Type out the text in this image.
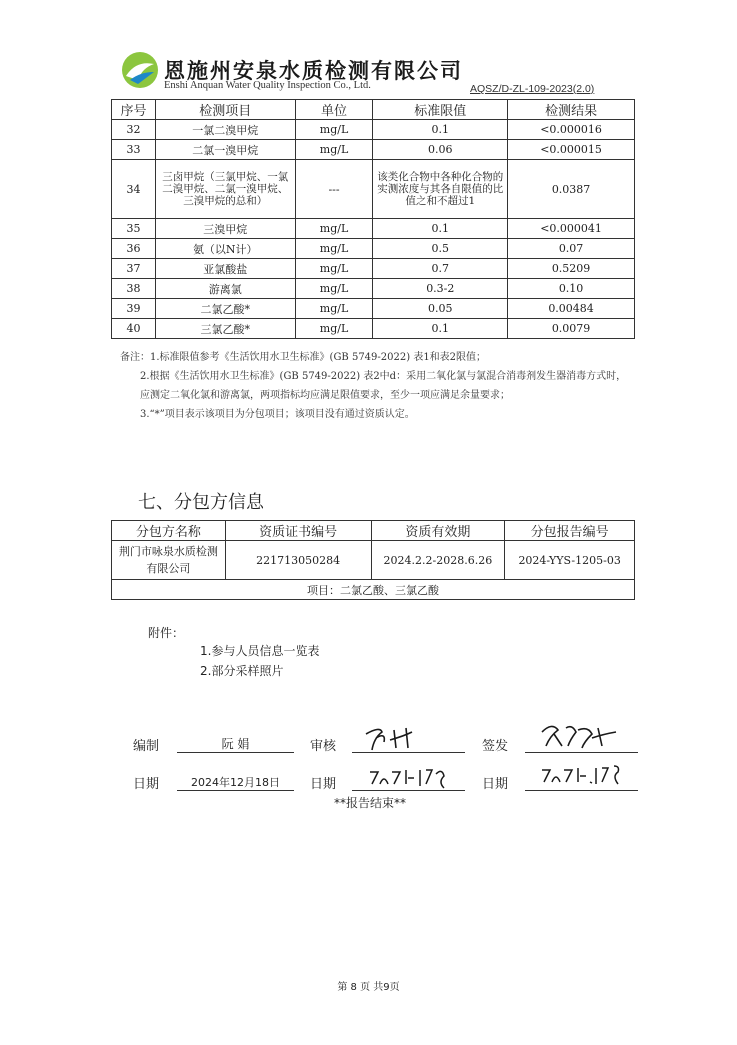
恩施州安泉水质检测有限公司
Enshi Anquan Water Quality Inspection Co., Ltd.	AQSZ/D-ZL-109-2023(2.0)
序号	检测项目	单位	标准限值	检测结果
32	一氯二溴甲烷	mg/L	0.1	<0.000016
33	二氯一溴甲烷	mg/L	0.06	<0.000015
34	三卤甲烷（三氯甲烷、一氯二溴甲烷、二氯一溴甲烷、三溴甲烷的总和）	---	该类化合物中各种化合物的实测浓度与其各自限值的比值之和不超过1	0.0387
35	三溴甲烷	mg/L	0.1	<0.000041
36	氨（以N计）	mg/L	0.5	0.07
37	亚氯酸盐	mg/L	0.7	0.5209
38	游离氯	mg/L	0.3-2	0.10
39	二氯乙酸*	mg/L	0.05	0.00484
40	三氯乙酸*	mg/L	0.1	0.0079

备注：1.标准限值参考《生活饮用水卫生标准》(GB 5749-2022) 表1和表2限值；

2.根据《生活饮用水卫生标准》(GB 5749-2022) 表2中d：采用二氧化氯与氯混合消毒剂发生器消毒方式时，应测定二氧化氯和游离氯，两项指标均应满足限值要求，至少一项应满足余量要求；

3.“*”项目表示该项目为分包项目；该项目没有通过资质认定。

七、分包方信息
分包方名称	资质证书编号	资质有效期	分包报告编号
荆门市咏泉水质检测有限公司	221713050284	2024.2.2-2028.6.26	2024-YYS-1205-03
项目：二氯乙酸、三氯乙酸			
附件：
1.参与人员信息一览表
2.部分采样照片
编制	阮 娟	审核	签发
日期	2024年12月18日	日期	日期
**报告结束**
第 8 页 共9页
